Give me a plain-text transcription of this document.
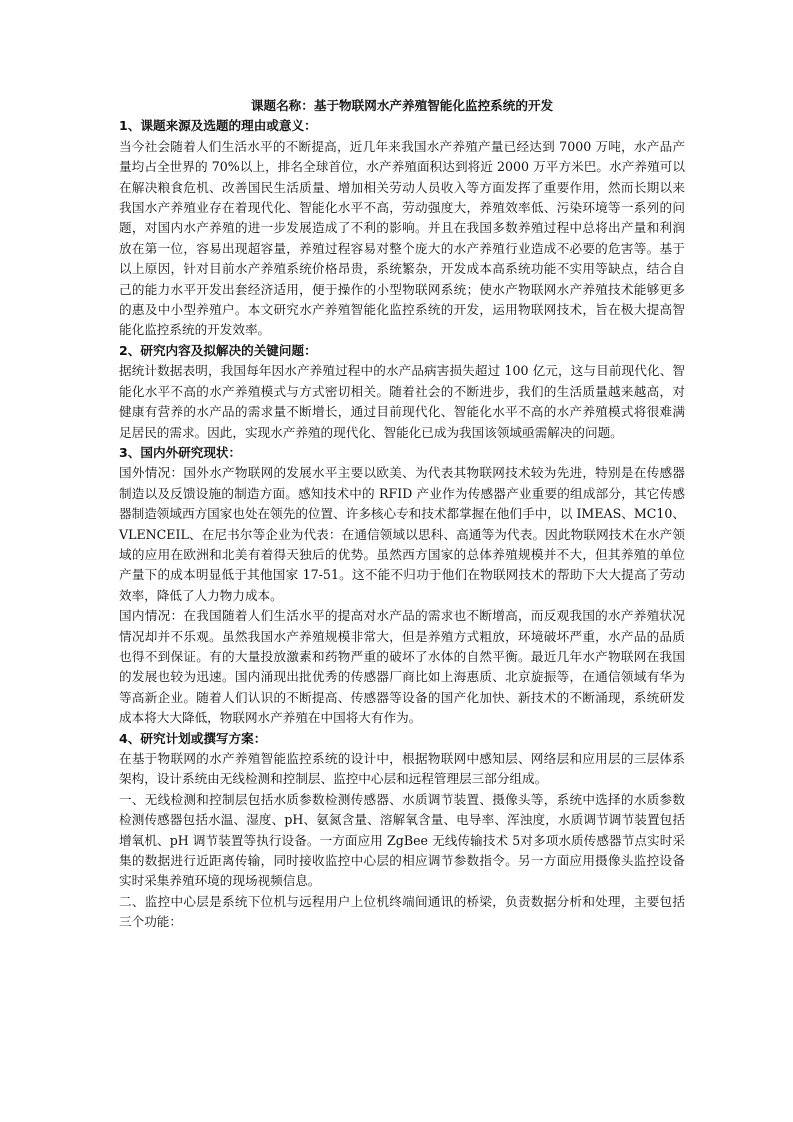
课题名称：基于物联网水产养殖智能化监控系统的开发

1、课题来源及选题的理由或意义：

当今社会随着人们生活水平的不断提高，近几年来我国水产养殖产量已经达到 7000 万吨，水产品产量均占全世界的 70%以上，排名全球首位，水产养殖面积达到将近 2000 万平方米巴。水产养殖可以在解决粮食危机、改善国民生活质量、增加相关劳动人员收入等方面发挥了重要作用，然而长期以来我国水产养殖业存在着现代化、智能化水平不高，劳动强度大，养殖效率低、污染环境等一系列的问题，对国内水产养殖的进一步发展造成了不利的影响。并且在我国多数养殖过程中总将出产量和利润放在第一位，容易出现超容量，养殖过程容易对整个庞大的水产养殖行业造成不必要的危害等。基于以上原因，针对目前水产养殖系统价格昂贵，系统繁杂，开发成本高系统功能不实用等缺点，结合自己的能力水平开发出套经济适用，便于操作的小型物联网系统；使水产物联网水产养殖技术能够更多的惠及中小型养殖户。本文研究水产养殖智能化监控系统的开发，运用物联网技术，旨在极大提高智能化监控系统的开发效率。

2、研究内容及拟解决的关键问题：

据统计数据表明，我国每年因水产养殖过程中的水产品病害损失超过 100 亿元，这与目前现代化、智能化水平不高的水产养殖模式与方式密切相关。随着社会的不断进步，我们的生活质量越来越高，对健康有营养的水产品的需求量不断增长，通过目前现代化、智能化水平不高的水产养殖模式将很难满足居民的需求。因此，实现水产养殖的现代化、智能化已成为我国该领域亟需解决的问题。

3、国内外研究现状：

国外情况：国外水产物联网的发展水平主要以欧美、为代表其物联网技术较为先进，特别是在传感器制造以及反馈设施的制造方面。感知技术中的 RFID 产业作为传感器产业重要的组成部分，其它传感器制造领域西方国家也处在领先的位置、许多核心专和技术都掌握在他们手中，以 IMEAS、MC10、VLENCEIL、在尼书尔等企业为代表：在通信领域以思科、高通等为代表。因此物联网技术在水产领域的应用在欧洲和北美有着得天独后的优势。虽然西方国家的总体养殖规模并不大，但其养殖的单位产量下的成本明显低于其他国家 17-51。这不能不归功于他们在物联网技术的帮助下大大提高了劳动效率，降低了人力物力成本。

国内情况：在我国随着人们生活水平的提高对水产品的需求也不断增高，而反观我国的水产养殖状况情况却并不乐观。虽然我国水产养殖规模非常大，但是养殖方式粗放，环境破坏严重，水产品的品质也得不到保证。有的大量投放激素和药物严重的破坏了水体的自然平衡。最近几年水产物联网在我国的发展也较为迅速。国内涌现出批优秀的传感器厂商比如上海惠质、北京旋振等，在通信领域有华为等高新企业。随着人们认识的不断提高、传感器等设备的国产化加快、新技术的不断涌现，系统研发成本将大大降低，物联网水产养殖在中国将大有作为。

4、研究计划或撰写方案：

在基于物联网的水产养殖智能监控系统的设计中，根据物联网中感知层、网络层和应用层的三层体系架构，设计系统由无线检测和控制层、监控中心层和远程管理层三部分组成。

一、无线检测和控制层包括水质参数检测传感器、水质调节装置、摄像头等，系统中选择的水质参数检测传感器包括水温、湿度、pH、氨氮含量、溶解氧含量、电导率、浑浊度，水质调节调节装置包括增氧机、pH 调节装置等执行设备。一方面应用 ZgBee 无线传输技术 5对多项水质传感器节点实时采集的数据进行近距离传输，同时接收监控中心层的相应调节参数指令。另一方面应用摄像头监控设备实时采集养殖环境的现场视频信息。

二、监控中心层是系统下位机与远程用户上位机终端间通讯的桥梁，负责数据分析和处理，主要包括三个功能：
